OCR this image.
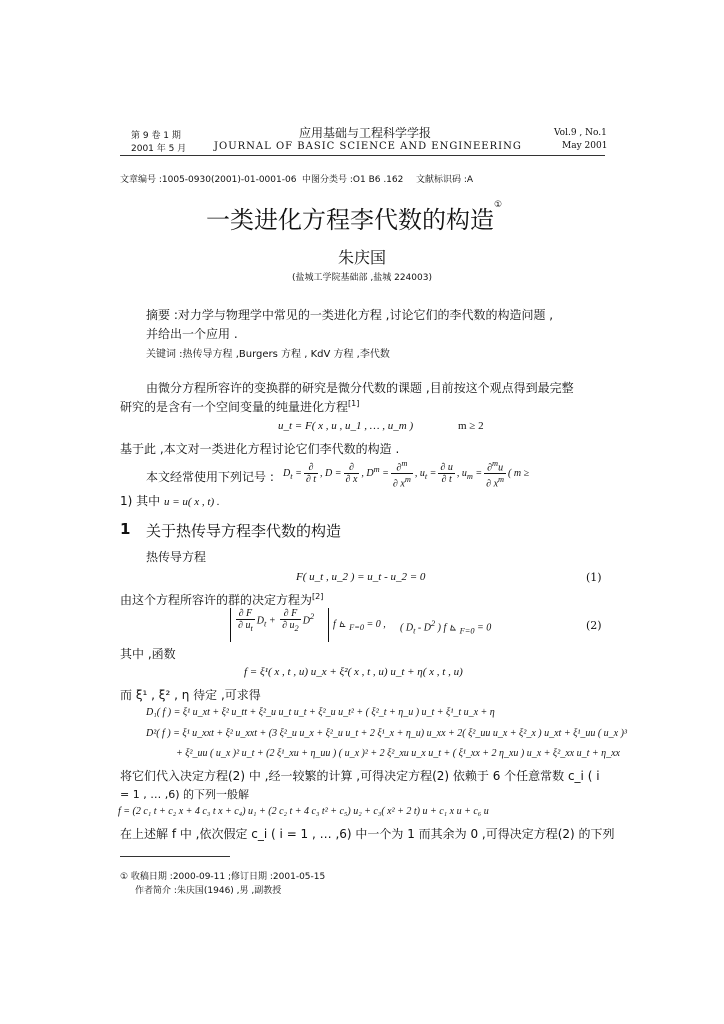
第 9 卷 1 期
2001 年 5 月
应用基础与工程科学学报
JOURNAL OF BASIC SCIENCE AND ENGINEERING
Vol.9 , No.1
May 2001
文章编号 :1005-0930(2001)-01-0001-06 中图分类号 :O1 B6 .162 文献标识码 :A
一类进化方程李代数的构造①
朱庆国
(盐城工学院基础部 ,盐城 224003)
摘要 :对力学与物理学中常见的一类进化方程 ,讨论它们的李代数的构造问题 ,
并给出一个应用 .
关键词 :热传导方程 ,Burgers 方程 , KdV 方程 ,李代数
由微分方程所容许的变换群的研究是微分代数的课题 ,目前按这个观点得到最完整
研究的是含有一个空间变量的纯量进化方程[1]
u_t = F( x , u , u_1 , … , u_m )	m ≥ 2
基于此 ,本文对一类进化方程讨论它们李代数的构造 .
本文经常使用下列记号 : $D_t = \frac{\partial}{\partial t}$ , $D = \frac{\partial}{\partial x}$ , $D^m = \frac{\partial^m}{\partial x^m}$ , $u_t = \frac{\partial u}{\partial t}$ , $u_m = \frac{\partial^mu}{\partial x^m}$ ( m ≥
1) 其中 u = u( x , t) .
1 关于热传导方程李代数的构造
热传导方程
F( u_t , u_2 ) = u_t - u_2 = 0	(1)
由这个方程所容许的群的决定方程为[2]
$\frac{\partial F}{\partial u_t} D_t + \frac{\partial F}{\partial u_2} D^2$
f ⊾ $_{F=0}$ = 0 , ( $D_t - D^2$ ) f ⊾ $_{F=0}$ = 0	(2)
其中 ,函数
f = ξ¹( x , t , u) u_x + ξ²( x , t , u) u_t + η( x , t , u)
而 ξ¹ , ξ² , η 待定 ,可求得
D₁( f ) = ξ¹ u_xt + ξ² u_tt + ξ²_u u_t u_t + ξ²_u u_t² + ( ξ²_t + η_u ) u_t + ξ¹_t u_x + η
D²( f ) = ξ¹ u_xxt + ξ² u_xxt + (3 ξ²_u u_x + ξ²_u u_t + 2 ξ¹_x + η_u) u_xx + 2( ξ²_uu u_x + ξ²_x ) u_xt + ξ¹_uu ( u_x )³
+ ξ²_uu ( u_x )² u_t + (2 ξ¹_xu + η_uu ) ( u_x )² + 2 ξ²_xu u_x u_t + ( ξ¹_xx + 2 η_xu ) u_x + ξ²_xx u_t + η_xx
将它们代入决定方程(2) 中 ,经一较繁的计算 ,可得决定方程(2) 依赖于 6 个任意常数 c_i ( i
= 1 , … ,6) 的下列一般解
f = (2 c₁ t + c₂ x + 4 c₃ t x + c₄) u₁ + (2 c₂ t + 4 c₃ t² + c₅) u₂ + c₃( x² + 2 t) u + c₁ x u + c₆ u
在上述解 f 中 ,依次假定 c_i ( i = 1 , … ,6) 中一个为 1 而其余为 0 ,可得决定方程(2) 的下列
① 收稿日期 :2000-09-11 ;修订日期 :2001-05-15
作者简介 :朱庆国(1946) ,男 ,副教授
